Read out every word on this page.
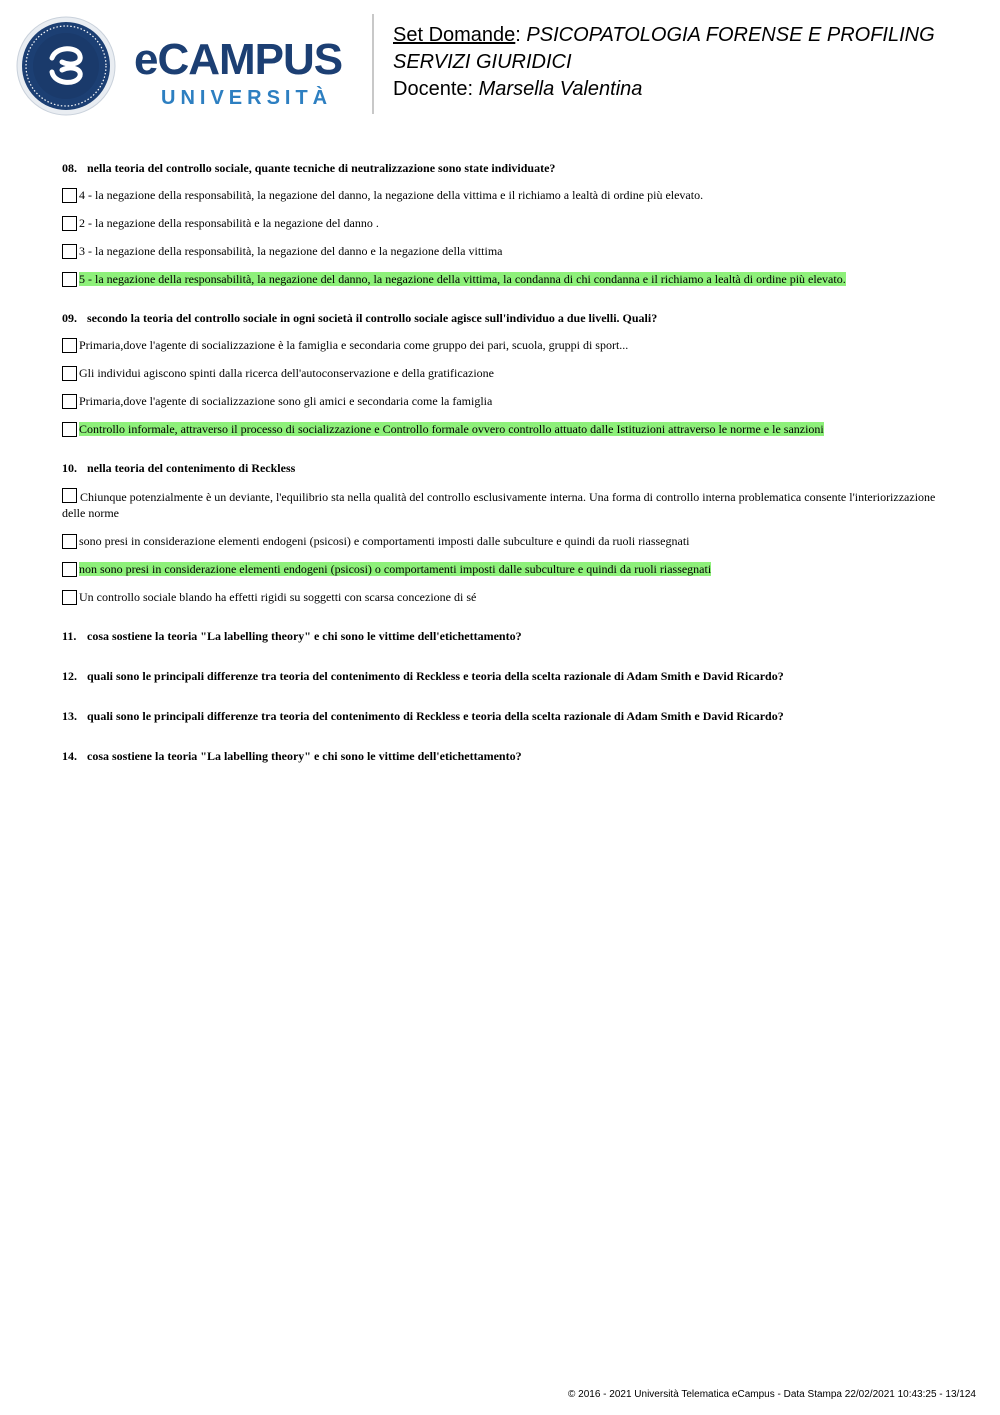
eCAMPUS
UNIVERSITÀ
Set Domande: PSICOPATOLOGIA FORENSE E PROFILING SERVIZI GIURIDICI
Docente: Marsella Valentina
08. nella teoria del controllo sociale, quante tecniche di neutralizzazione sono state individuate?
4 - la negazione della responsabilità, la negazione del danno, la negazione della vittima e il richiamo a lealtà di ordine più elevato.
2 - la negazione della responsabilità e la negazione del danno .
3 - la negazione della responsabilità, la negazione del danno e la negazione della vittima
5 - la negazione della responsabilità, la negazione del danno, la negazione della vittima, la condanna di chi condanna e il richiamo a lealtà di ordine più elevato.
09. secondo la teoria del controllo sociale in ogni società il controllo sociale agisce sull'individuo a due livelli. Quali?
Primaria,dove l'agente di socializzazione è la famiglia e secondaria come gruppo dei pari, scuola, gruppi di sport...
Gli individui agiscono spinti dalla ricerca dell'autoconservazione e della gratificazione
Primaria,dove l'agente di socializzazione sono gli amici e secondaria come la famiglia
Controllo informale, attraverso il processo di socializzazione e Controllo formale ovvero controllo attuato dalle Istituzioni attraverso le norme e le sanzioni
10. nella teoria del contenimento di Reckless
Chiunque potenzialmente è un deviante, l'equilibrio sta nella qualità del controllo esclusivamente interna. Una forma di controllo interna problematica consente l'interiorizzazione delle norme
sono presi in considerazione elementi endogeni (psicosi) e comportamenti imposti dalle subculture e quindi da ruoli riassegnati
non sono presi in considerazione elementi endogeni (psicosi) o comportamenti imposti dalle subculture e quindi da ruoli riassegnati
Un controllo sociale blando ha effetti rigidi su soggetti con scarsa concezione di sé
11. cosa sostiene la teoria "La labelling theory" e chi sono le vittime dell'etichettamento?
12. quali sono le principali differenze tra teoria del contenimento di Reckless e teoria della scelta razionale di Adam Smith e David Ricardo?
13. quali sono le principali differenze tra teoria del contenimento di Reckless e teoria della scelta razionale di Adam Smith e David Ricardo?
14. cosa sostiene la teoria "La labelling theory" e chi sono le vittime dell'etichettamento?
© 2016 - 2021 Università Telematica eCampus - Data Stampa 22/02/2021 10:43:25 - 13/124
